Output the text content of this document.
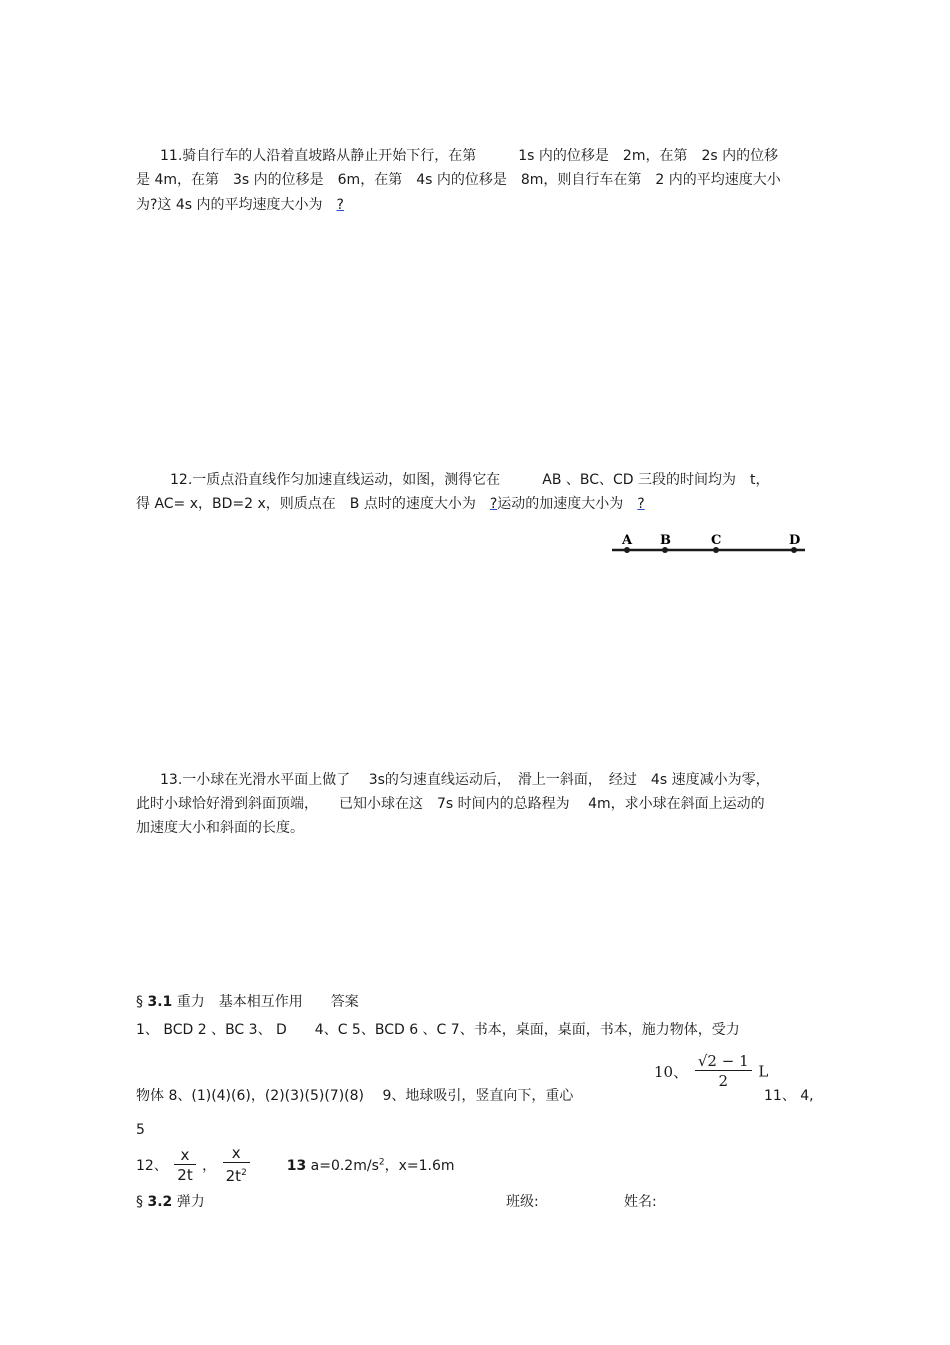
11.骑自行车的人沿着直坡路从静止开始下行，在第　　　1s 内的位移是　2m，在第　2s 内的位移
是 4m，在第　3s 内的位移是　6m，在第　4s 内的位移是　8m，则自行车在第　2 内的平均速度大小
为?这 4s 内的平均速度大小为　?
12.一质点沿直线作匀加速直线运动，如图，测得它在　　　AB 、BC、CD 三段的时间均为　t，
得 AC= x，BD=2 x，则质点在　B 点时的速度大小为　?运动的加速度大小为　?
A B	C	D
13.一小球在光滑水平面上做了　 3s的匀速直线运动后，　滑上一斜面，　经过　4s 速度减小为零，
此时小球恰好滑到斜面顶端，　　已知小球在这　7s 时间内的总路程为　 4m，求小球在斜面上运动的
加速度大小和斜面的长度。
§ 3.1 重力　基本相互作用　　答案
1、 BCD 2 、BC 3、 D　　4、C 5、BCD 6 、C 7、书本，桌面，桌面，书本，施力物体，受力
10、 $\frac{√2 - 1}{2}$ L
物体 8、(1)(4)(6)，(2)(3)(5)(7)(8)　 9、地球吸引，竖直向下，重心	11、 4,
5
12、 $\frac{x}{2t}$ ， $\frac{x}{2t^2}$	13 $a=0.2m/s^2$，x=1.6m
§ 3.2 弹力	班级:	姓名:
